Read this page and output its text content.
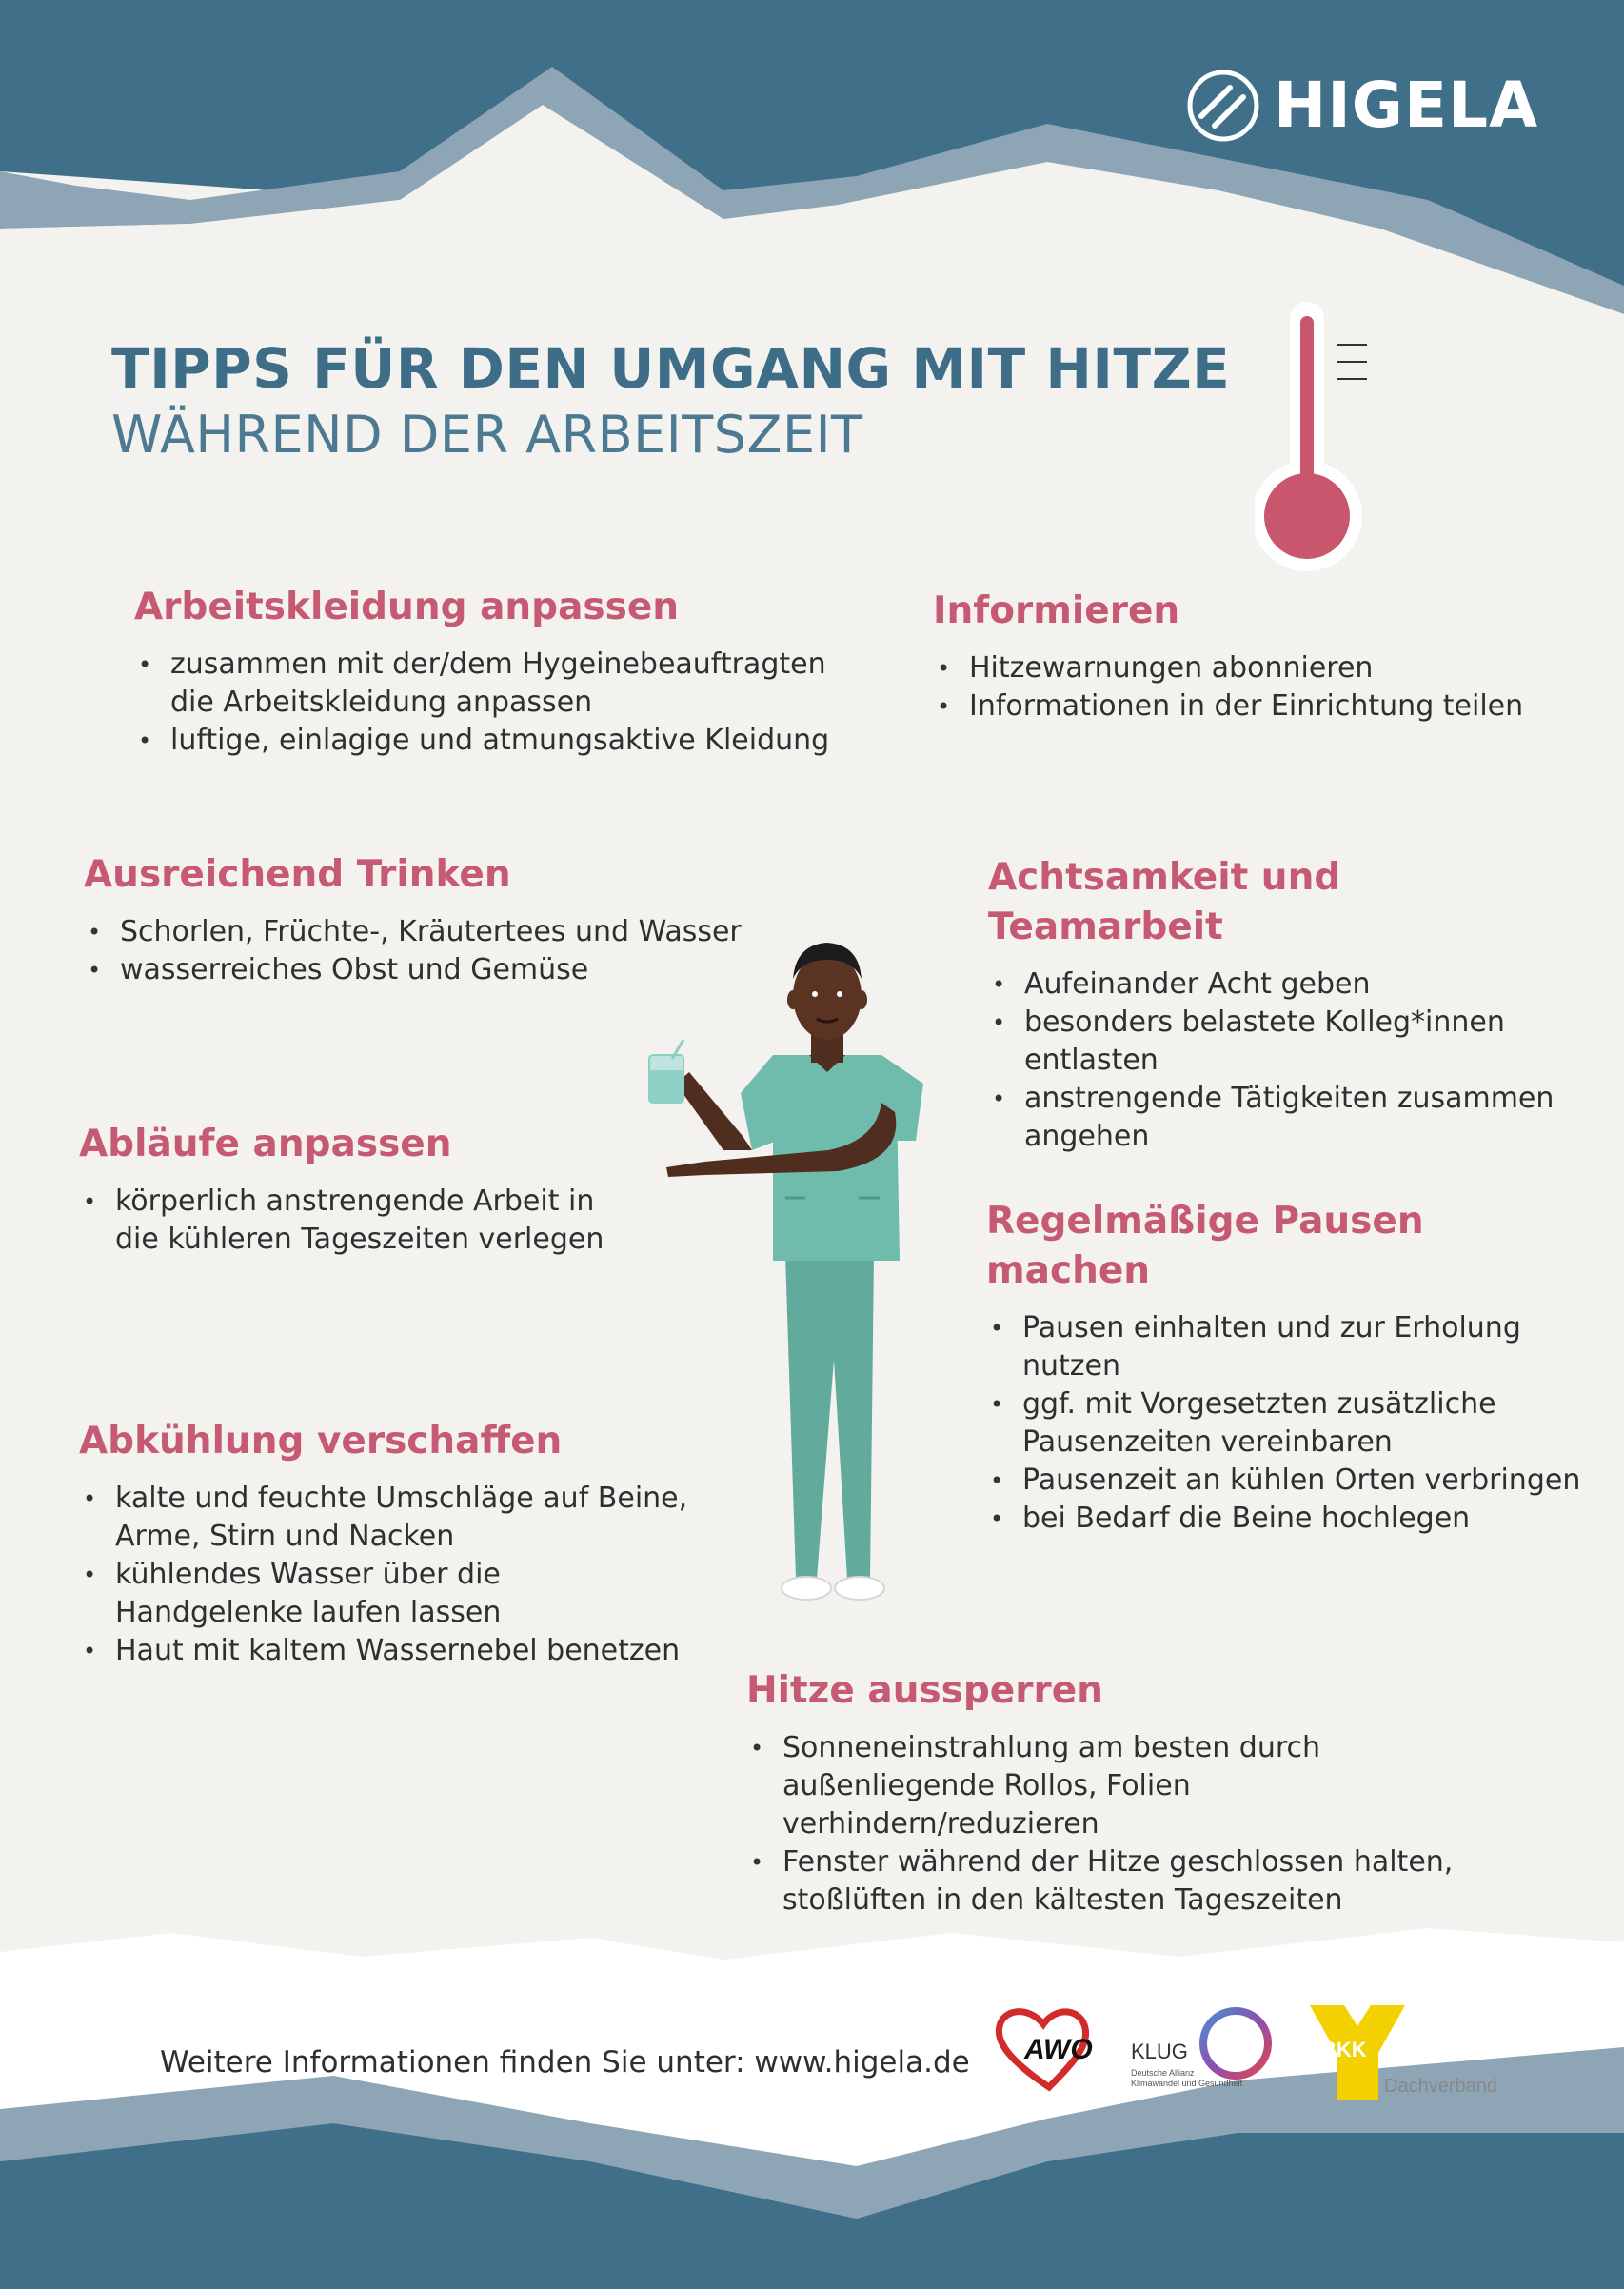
HIGELA
TIPPS FÜR DEN UMGANG MIT HITZE
WÄHREND DER ARBEITSZEIT
Arbeitskleidung anpassen
• zusammen mit der/dem Hygeinebeauftragten die Arbeitskleidung anpassen
• luftige, einlagige und atmungsaktive Kleidung
Informieren
• Hitzewarnungen abonnieren
• Informationen in der Einrichtung teilen
Ausreichend Trinken
• Schorlen, Früchte-, Kräutertees und Wasser
• wasserreiches Obst und Gemüse
Achtsamkeit und Teamarbeit
• Aufeinander Acht geben
• besonders belastete Kolleg*innen entlasten
• anstrengende Tätigkeiten zusammen angehen
Abläufe anpassen
• körperlich anstrengende Arbeit in die kühleren Tageszeiten verlegen	Regelmäßige Pausen machen
• Pausen einhalten und zur Erholung nutzen
• ggf. mit Vorgesetzten zusätzliche Pausenzeiten vereinbaren
• Pausenzeit an kühlen Orten verbringen
• bei Bedarf die Beine hochlegen
Abkühlung verschaffen
• kalte und feuchte Umschläge auf Beine, Arme, Stirn und Nacken
• kühlendes Wasser über die Handgelenke laufen lassen
• Haut mit kaltem Wassernebel benetzen
Hitze aussperren
• Sonneneinstrahlung am besten durch außenliegende Rollos, Folien verhindern/reduzieren
• Fenster während der Hitze geschlossen halten, stoßlüften in den kältesten Tageszeiten

Weitere Informationen finden Sie unter: www.higela.de AWO KLUG
Deutsche Allianz Klimawandel und Gesundheit
BKK
Dachverband
